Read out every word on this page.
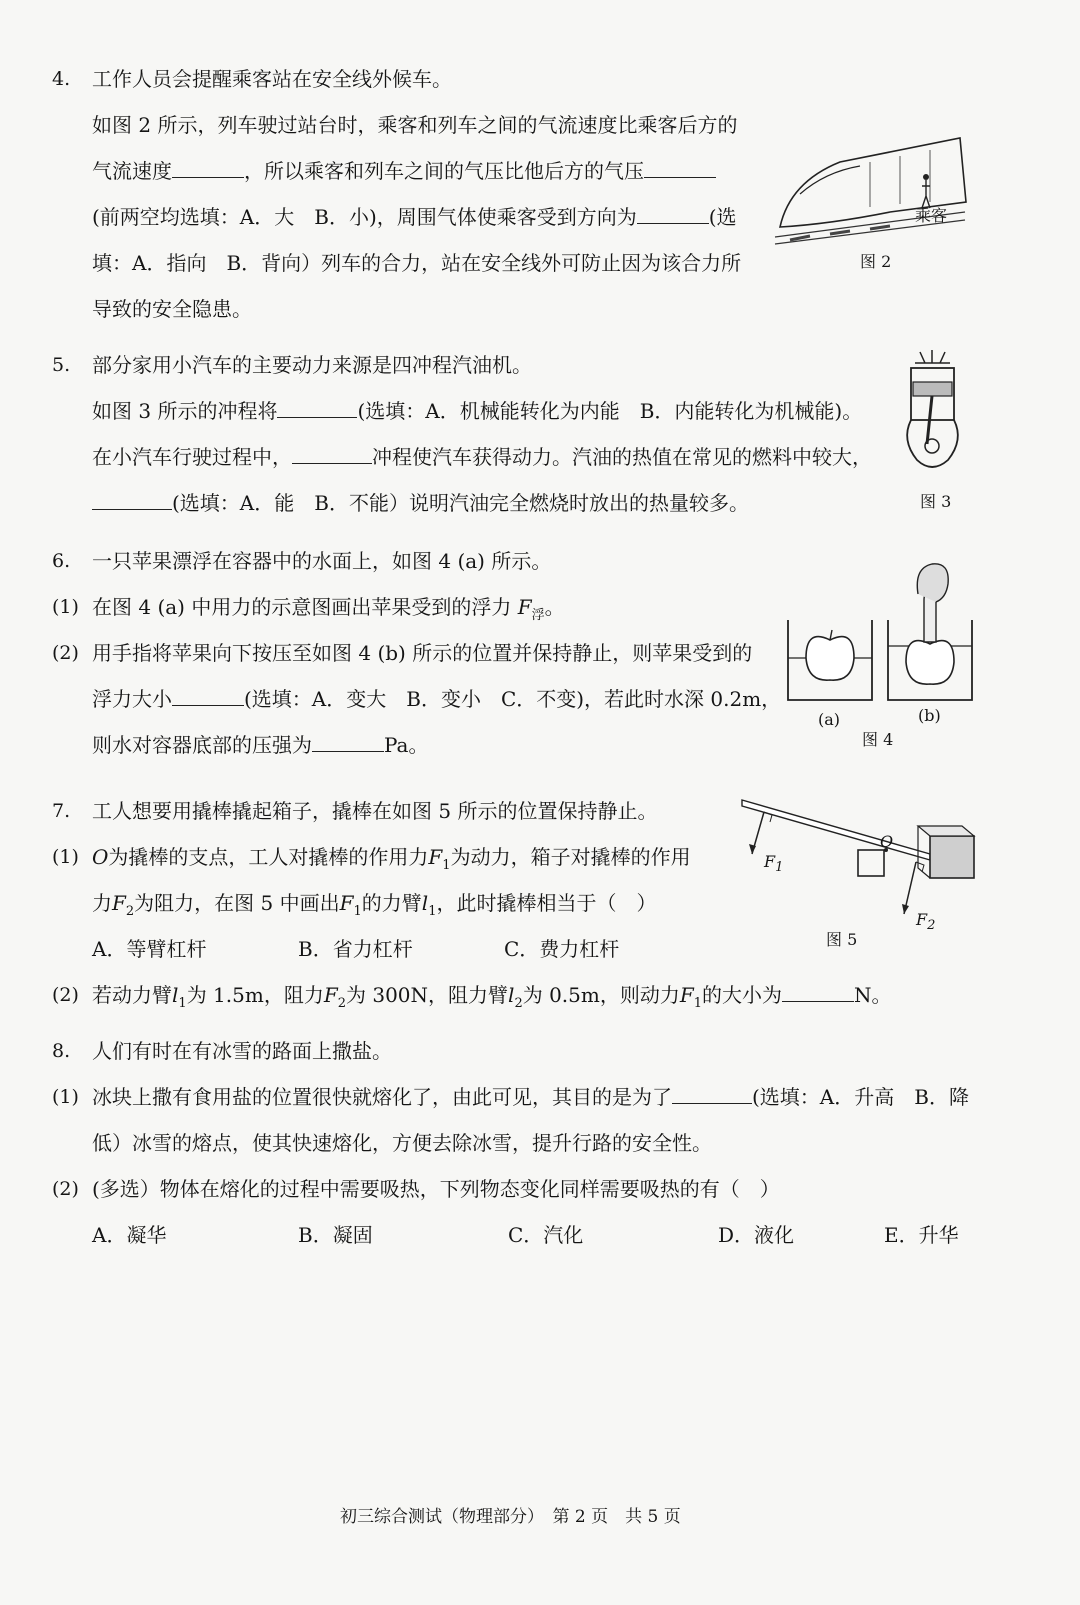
4. 工作人员会提醒乘客站在安全线外候车。
如图 2 所示，列车驶过站台时，乘客和列车之间的气流速度比乘客后方的
气流速度	，所以乘客和列车之间的气压比他后方的气压
(前两空均选填：A．大　B．小)，周围气体使乘客受到方向为	(选
填：A．指向　B．背向）列车的合力，站在安全线外可防止因为该合力所
导致的安全隐患。
乘客
图 2
5. 部分家用小汽车的主要动力来源是四冲程汽油机。
如图 3 所示的冲程将	(选填：A．机械能转化为内能　B．内能转化为机械能)。
在小汽车行驶过程中，	冲程使汽车获得动力。汽油的热值在常见的燃料中较大，
(选填：A．能　B．不能）说明汽油完全燃烧时放出的热量较多。	图 3
6. 一只苹果漂浮在容器中的水面上，如图 4 (a) 所示。
(1) 在图 4 (a) 中用力的示意图画出苹果受到的浮力 $F_浮$。
(2) 用手指将苹果向下按压至如图 4 (b) 所示的位置并保持静止，则苹果受到的
浮力大小	(选填：A．变大　B．变小　C．不变)，若此时水深 0.2m，
则水对容器底部的压强为	Pa。
(a)	(b)
图 4
7. 工人想要用撬棒撬起箱子，撬棒在如图 5 所示的位置保持静止。
(1) O为撬棒的支点，工人对撬棒的作用力$F_1$为动力，箱子对撬棒的作用
力$F_2$为阻力，在图 5 中画出$F_1$的力臂$l_1$，此时撬棒相当于（　）
A．等臂杠杆	B．省力杠杆	C．费力杠杆
(2) 若动力臂$l_1$为 1.5m，阻力$F_2$为 300N，阻力臂$l_2$为 0.5m，则动力$F_1$的大小为	N。
O
$F_1$
$F_2$
图 5
8. 人们有时在有冰雪的路面上撒盐。
(1) 冰块上撒有食用盐的位置很快就熔化了，由此可见，其目的是为了	(选填：A．升高　B．降
低）冰雪的熔点，使其快速熔化，方便去除冰雪，提升行路的安全性。
(2) (多选）物体在熔化的过程中需要吸热，下列物态变化同样需要吸热的有（　）
A．凝华	B．凝固	C．汽化	D．液化	E．升华
初三综合测试（物理部分）　第 2 页　共 5 页
